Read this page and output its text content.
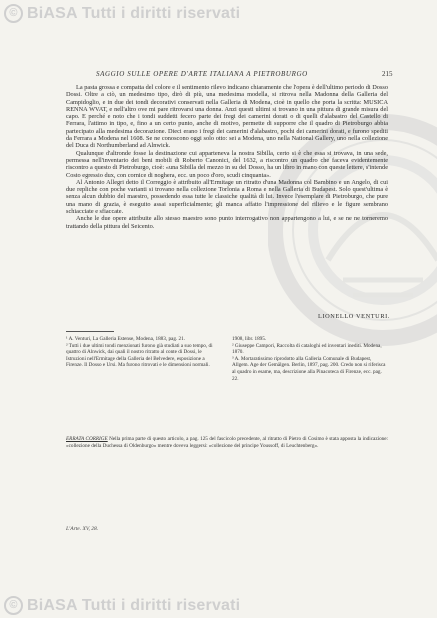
© BiASA Tutti i diritti riservati
SAGGIO SULLE OPERE D'ARTE ITALIANA A PIETROBURGO	215

La pasta grossa e compatta del colore e il sentimento rilevo indicano chiaramente che l'opera è dell'ultimo periodo di Dosso Dossi. Oltre a ciò, un medesimo tipo, dirò di più, una medesima modella, si ritrova nella Madonna della Galleria del Campidoglio, e in due dei tondi decorativi conservati nella Galleria di Modena, cioè in quello che porta la scritta: MUSICA RENNA WVAT, e nell'altro ove mi pare ritrovarsi una donna. Anzi questi ultimi si trovano in una pittura di grande misura del capo. E perché e noto che i tondi suddetti fecero parte dei fregi dei camerini dorati o di quelli d'alabastro del Castello di Ferrara, l'attimo in tipo, e, fino a un certo punto, anche di motivo, permette di supporre che il quadro di Pietroburgo abbia partecipato alla medesima decorazione. Dieci erano i fregi dei camerini d'alabastro, pochi dei camerini dorati, e furono spediti da Ferrara a Modena nel 1608. Se ne conoscono oggi solo otto: sei a Modena, uno nella National Gallery, uno nella collezione del Duca di Northumberland ad Alnwick.

Qualunque d'altronde fosse la destinazione cui apparteneva la nostra Sibilla, certo si è che essa si trovava, in una sede, permessa nell'inventario dei beni mobili di Roberto Canonici, del 1632, a riscontro un quadro che faceva evidentemente riscontro a questo di Pietroburgo, cioè: «una Sibilla del mezzo in su del Dosso, ha un libro in mano con queste lettere, s'intende Costo egressio dux, con cornice di noghera, ecc. un poco d'oro, scudi cinquanta».

Al Antonio Allegri detto il Correggio è attribuito all'Ermitage un ritratto d'una Madonna col Bambino e un Angelo, di cui due repliche con poche varianti si trovano nella collezione Torlonia a Roma e nella Galleria di Budapest. Solo quest'ultima è senza alcun dubbio del maestro, possedendo essa tutte le classiche qualità di lui. Invece l'esemplare di Pietroburgo, che pure una mano di grazia, è eseguito assai superficialmente; gli manca affatto l'impressione del rilievo e le figure sembrano schiacciate e sfiaccate.

Anche le due opere attribuite allo stesso maestro sono punto interrogativo non appartengono a lui, e se ne ne torneremo trattando della pittura del Seicento.

LIONELLO VENTURI.
¹ A. Venturi, La Galleria Estense, Modena, 1883, pag. 21.
² Tutti i due ultimi tondi menzionati furono già studiati a suo tempo, di quattro di Alnwick, dai quali il nostro ritratto al conte di Dossi, le Istruzioni nell'Ermitage della Galleria del Belvedere, esposizione a Firenze. Il Dosso e Ursi. Ma furono ritrovati e le dimensioni normali.
1908, libr. 1895.
² Giuseppe Campori, Raccolta di cataloghi ed inventari inediti. Modena, 1870.
³ A. Mortaratissimo riprodotto alla Galleria Comunale di Budapest, Allgem. Age der Gemälgen. Berlin, 1897, pag. 200. Credo non si riferisca al quadro in esame, ma, descrizione alla Pinacoteca di Firenze, ecc. pag. 22.
ERRATA CORRIGE Nella prima parte di questo articolo, a pag. 125 del fascicolo precedente, al ritratto di Pietro di Cosimo è stata apposta la indicazione: «collezione della Duchessa di Oldenburgo» mentre doveva leggersi: «collezione del principe Youssoff, di Leuchtenberg».
L'Arte. XV, 28.
© BiASA Tutti i diritti riservati
